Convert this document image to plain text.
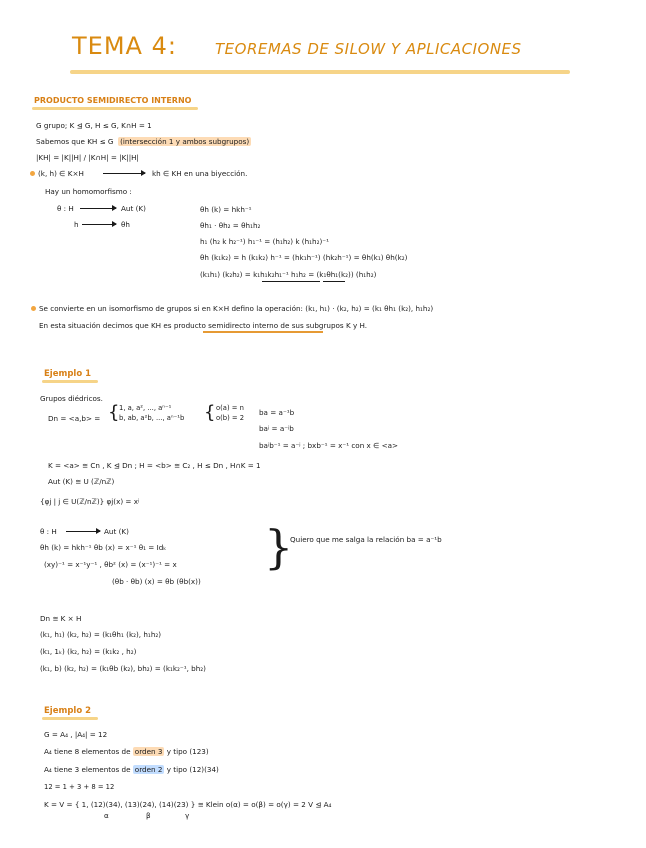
TEMA 4:	TEOREMAS DE SILOW Y APLICACIONES
PRODUCTO SEMIDIRECTO INTERNO
G grupo; K ⊴ G, H ≤ G, K∩H = 1
Sabemos que KH ≤ G (intersección 1 y ambos subgrupos)
|KH| = |K||H| / |K∩H| = |K||H|
(k, h) ∈ K×H	kh ∈ KH en una biyección.
Hay un homomorfismo :
θ : H	Aut (K)
h	θh
θh (k) = hkh⁻¹
θh₁ · θh₂ = θh₁h₂
h₁ (h₂ k h₂⁻¹) h₁⁻¹ = (h₁h₂) k (h₁h₂)⁻¹
θh (k₁k₂) = h (k₁k₂) h⁻¹ = (hk₁h⁻¹) (hk₂h⁻¹) = θh(k₁) θh(k₂)
(k₁h₁) (k₂h₂) = k₁h₁k₂h₁⁻¹ h₁h₂ = (k₁θh₁(k₂)) (h₁h₂)
Se convierte en un isomorfismo de grupos si en K×H defino la operación: (k₁, h₁) · (k₂, h₂) = (k₁ θh₁ (k₂), h₁h₂)
En esta situación decimos que KH es producto semidirecto interno de sus subgrupos K y H.
Ejemplo 1
Grupos diédricos.
Dn = <a,b> = { 1, a, a², ..., aⁿ⁻¹
b, ab, a²b, ..., aⁿ⁻¹b { o(a) = n
o(b) = 2
ba = a⁻¹b
baʲ = a⁻ʲb
baʲb⁻¹ = a⁻ʲ ; bxb⁻¹ = x⁻¹ con x ∈ <a>
K = <a> ≅ Cn , K ⊴ Dn ; H = <b> ≅ C₂ , H ≤ Dn , H∩K = 1
Aut (K) ≅ U (ℤ/nℤ)
{φj | j ∈ U(ℤ/nℤ)} φj(x) = xʲ
θ : H	Aut (K)
θh (k) = hkh⁻¹ θb (x) = x⁻¹ θ₁ = Idₖ
(xy)⁻¹ = x⁻¹y⁻¹ , θb² (x) = (x⁻¹)⁻¹ = x
(θb · θb) (x) = θb (θb(x))
}
Quiero que me salga la relación ba = a⁻¹b
Dn ≅ K × H
(k₁, h₁) (k₂, h₂) = (k₁θh₁ (k₂), h₁h₂)
(k₁, 1ₖ) (k₂, h₂) = (k₁k₂ , h₂)
(k₁, b) (k₂, h₂) = (k₁θb (k₂), bh₂) = (k₁k₂⁻¹, bh₂)
Ejemplo 2
G = A₄ , |A₄| = 12
A₄ tiene 8 elementos de orden 3 y tipo (123)
A₄ tiene 3 elementos de orden 2 y tipo (12)(34)
12 = 1 + 3 + 8 = 12
K = V = { 1, (12)(34), (13)(24), (14)(23) } ≅ Klein o(α) = o(β) = o(γ) = 2 V ⊴ A₄
α	β	γ
